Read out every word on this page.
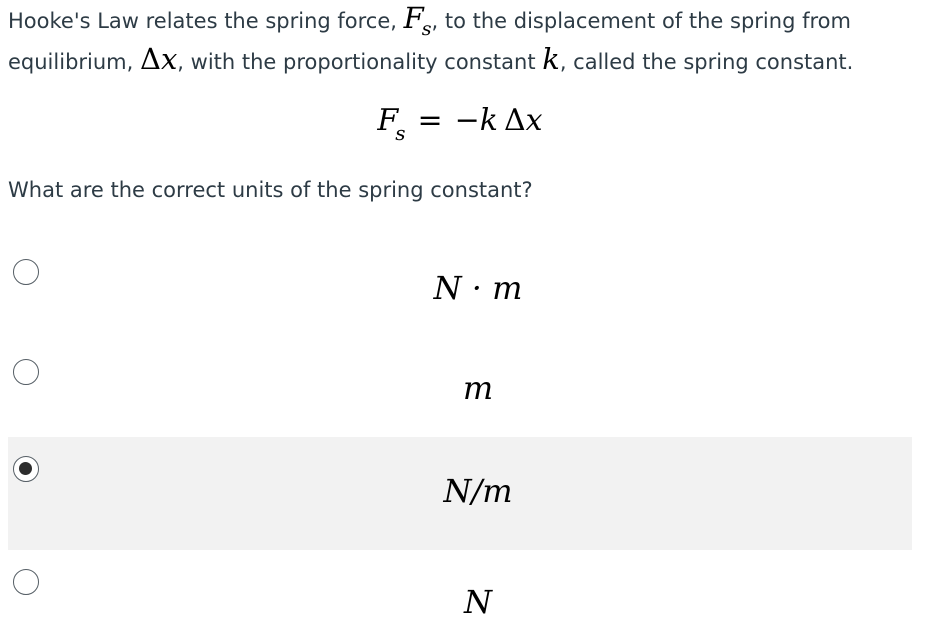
Hooke's Law relates the spring force, $F_s$, to the displacement of the spring from equilibrium, Δx, with the proportionality constant k, called the spring constant.
$F_s = -k$  Δx
What are the correct units of the spring constant?
N · m
m
N/m
N
